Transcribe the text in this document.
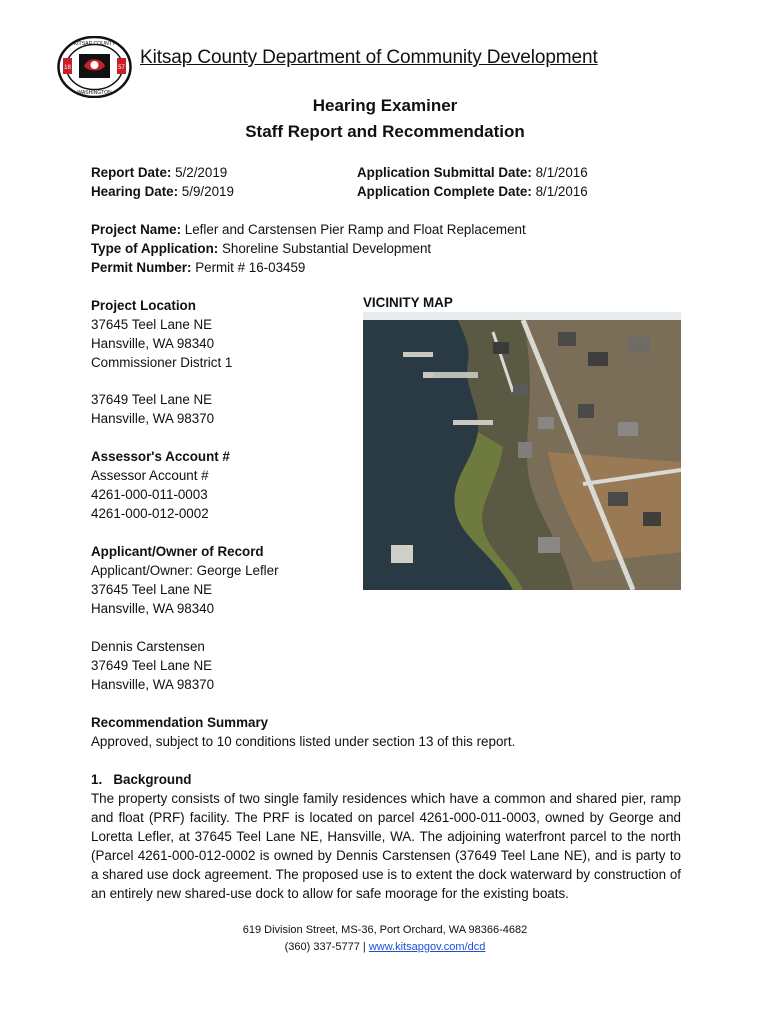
18	57
KITSAP COUNTY
WASHINGTON
Kitsap County Department of Community Development
Hearing Examiner
Staff Report and Recommendation
Report Date: 5/2/2019
Hearing Date: 5/9/2019
Application Submittal Date: 8/1/2016
Application Complete Date: 8/1/2016
Project Name: Lefler and Carstensen Pier Ramp and Float Replacement
Type of Application: Shoreline Substantial Development
Permit Number: Permit # 16-03459
Project Location
37645 Teel Lane NE
Hansville, WA 98340
Commissioner District 1
37649 Teel Lane NE
Hansville, WA 98370
Assessor's Account #
Assessor Account #
4261-000-011-0003
4261-000-012-0002
Applicant/Owner of Record
Applicant/Owner: George Lefler
37645 Teel Lane NE
Hansville, WA 98340
Dennis Carstensen
37649 Teel Lane NE
Hansville, WA 98370
VICINITY MAP
Recommendation Summary
Approved, subject to 10 conditions listed under section 13 of this report.
1.   Background
The property consists of two single family residences which have a common and shared pier, ramp and float (PRF) facility. The PRF is located on parcel 4261-000-011-0003, owned by George and Loretta Lefler, at 37645 Teel Lane NE, Hansville, WA. The adjoining waterfront parcel to the north (Parcel 4261-000-012-0002 is owned by Dennis Carstensen (37649 Teel Lane NE), and is party to a shared use dock agreement. The proposed use is to extent the dock waterward by construction of an entirely new shared-use dock to allow for safe moorage for the existing boats.
619 Division Street, MS-36, Port Orchard, WA 98366-4682
(360) 337-5777 | www.kitsapgov.com/dcd
